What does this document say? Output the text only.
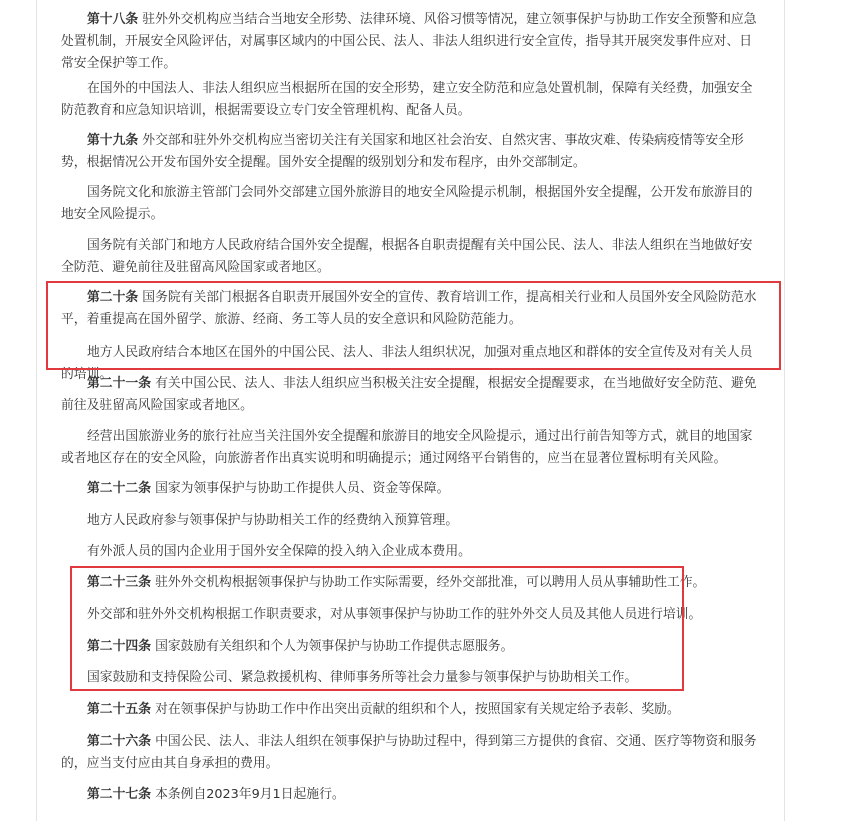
第十八条 驻外外交机构应当结合当地安全形势、法律环境、风俗习惯等情况，建立领事保护与协助工作安全预警和应急处置机制，开展安全风险评估，对属事区域内的中国公民、法人、非法人组织进行安全宣传，指导其开展突发事件应对、日常安全保护等工作。

在国外的中国法人、非法人组织应当根据所在国的安全形势，建立安全防范和应急处置机制，保障有关经费，加强安全防范教育和应急知识培训，根据需要设立专门安全管理机构、配备人员。

第十九条 外交部和驻外外交机构应当密切关注有关国家和地区社会治安、自然灾害、事故灾难、传染病疫情等安全形势，根据情况公开发布国外安全提醒。国外安全提醒的级别划分和发布程序，由外交部制定。

国务院文化和旅游主管部门会同外交部建立国外旅游目的地安全风险提示机制，根据国外安全提醒，公开发布旅游目的地安全风险提示。

国务院有关部门和地方人民政府结合国外安全提醒，根据各自职责提醒有关中国公民、法人、非法人组织在当地做好安全防范、避免前往及驻留高风险国家或者地区。

第二十条 国务院有关部门根据各自职责开展国外安全的宣传、教育培训工作，提高相关行业和人员国外安全风险防范水平，着重提高在国外留学、旅游、经商、务工等人员的安全意识和风险防范能力。

地方人民政府结合本地区在国外的中国公民、法人、非法人组织状况，加强对重点地区和群体的安全宣传及对有关人员的培训。

第二十一条 有关中国公民、法人、非法人组织应当积极关注安全提醒，根据安全提醒要求，在当地做好安全防范、避免前往及驻留高风险国家或者地区。

经营出国旅游业务的旅行社应当关注国外安全提醒和旅游目的地安全风险提示，通过出行前告知等方式，就目的地国家或者地区存在的安全风险，向旅游者作出真实说明和明确提示；通过网络平台销售的，应当在显著位置标明有关风险。

第二十二条 国家为领事保护与协助工作提供人员、资金等保障。

地方人民政府参与领事保护与协助相关工作的经费纳入预算管理。

有外派人员的国内企业用于国外安全保障的投入纳入企业成本费用。

第二十三条 驻外外交机构根据领事保护与协助工作实际需要，经外交部批准，可以聘用人员从事辅助性工作。

外交部和驻外外交机构根据工作职责要求，对从事领事保护与协助工作的驻外外交人员及其他人员进行培训。

第二十四条 国家鼓励有关组织和个人为领事保护与协助工作提供志愿服务。

国家鼓励和支持保险公司、紧急救援机构、律师事务所等社会力量参与领事保护与协助相关工作。

第二十五条 对在领事保护与协助工作中作出突出贡献的组织和个人，按照国家有关规定给予表彰、奖励。

第二十六条 中国公民、法人、非法人组织在领事保护与协助过程中，得到第三方提供的食宿、交通、医疗等物资和服务的，应当支付应由其自身承担的费用。

第二十七条 本条例自2023年9月1日起施行。
